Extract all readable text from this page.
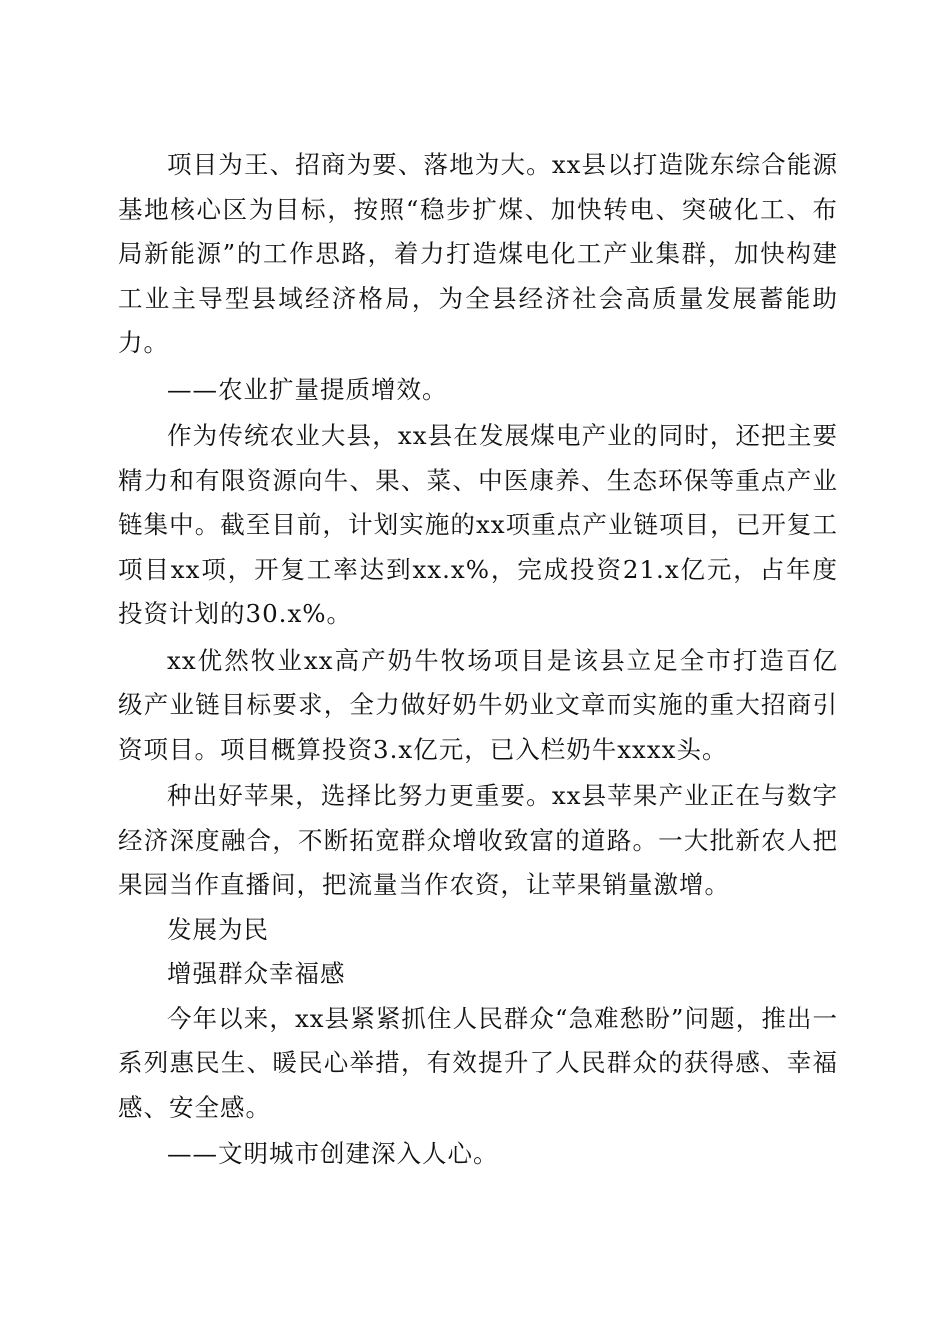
项目为王、招商为要、落地为大。xx县以打造陇东综合能源基地核心区为目标，按照“稳步扩煤、加快转电、突破化工、布局新能源”的工作思路，着力打造煤电化工产业集群，加快构建工业主导型县域经济格局，为全县经济社会高质量发展蓄能助力。

——农业扩量提质增效。

作为传统农业大县，xx县在发展煤电产业的同时，还把主要精力和有限资源向牛、果、菜、中医康养、生态环保等重点产业链集中。截至目前，计划实施的xx项重点产业链项目，已开复工项目xx项，开复工率达到xx.x%，完成投资21.x亿元，占年度投资计划的30.x%。

xx优然牧业xx高产奶牛牧场项目是该县立足全市打造百亿级产业链目标要求，全力做好奶牛奶业文章而实施的重大招商引资项目。项目概算投资3.x亿元，已入栏奶牛xxxx头。

种出好苹果，选择比努力更重要。xx县苹果产业正在与数字经济深度融合，不断拓宽群众增收致富的道路。一大批新农人把果园当作直播间，把流量当作农资，让苹果销量激增。

发展为民

增强群众幸福感

今年以来，xx县紧紧抓住人民群众“急难愁盼”问题，推出一系列惠民生、暖民心举措，有效提升了人民群众的获得感、幸福感、安全感。

——文明城市创建深入人心。
